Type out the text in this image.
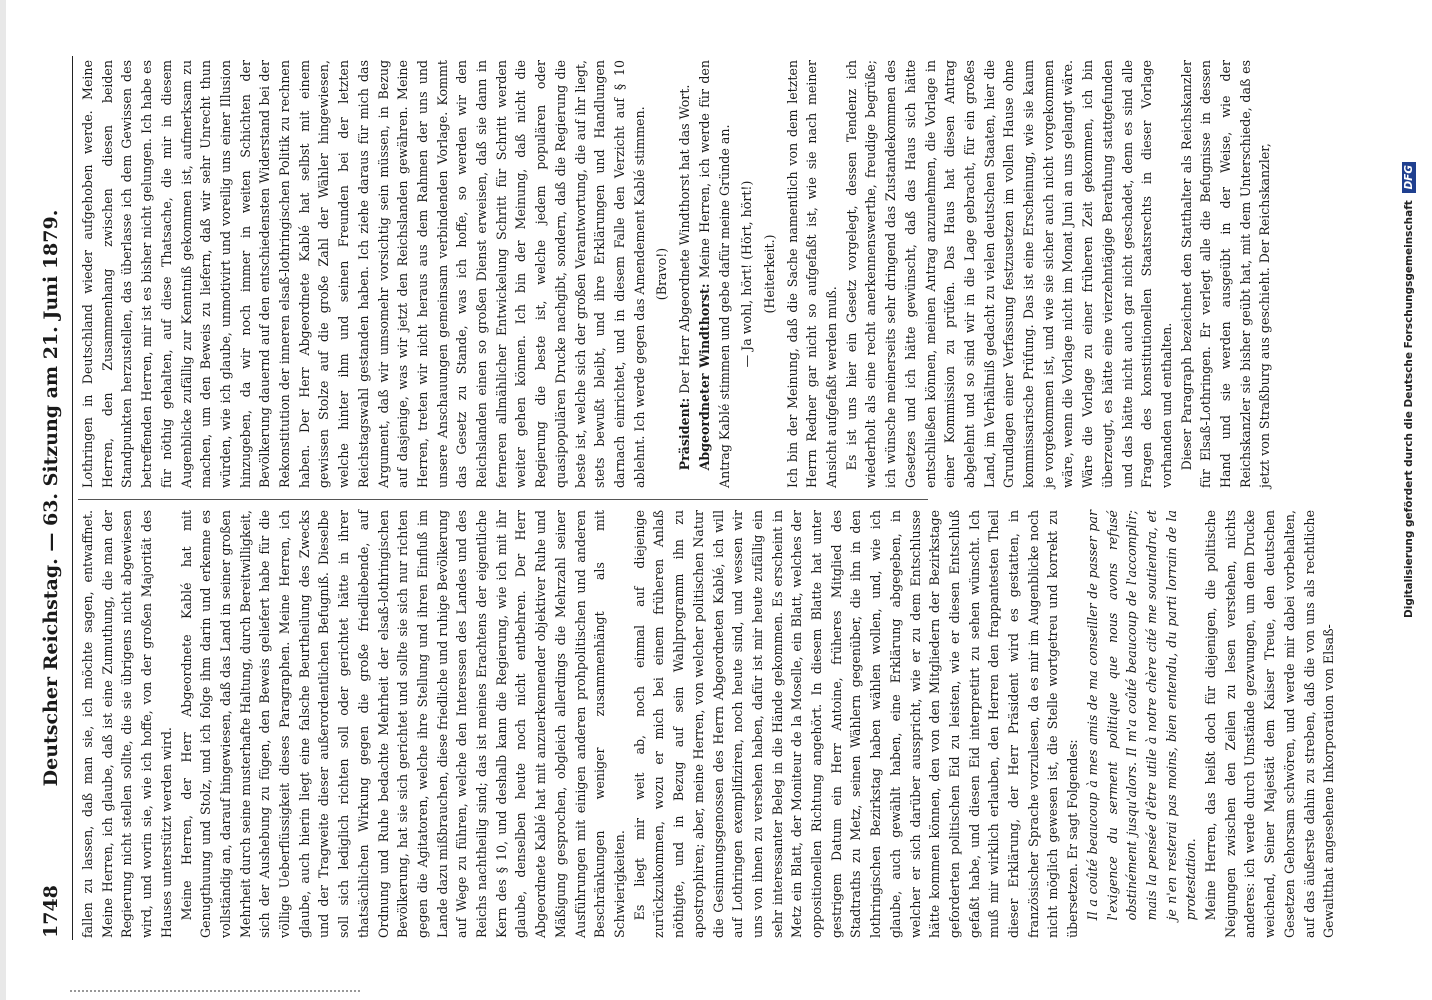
1748
Deutscher Reichstag. — 63. Sitzung am 21. Juni 1879. fallen zu lassen, daß man sie, ich möchte sagen, entwaffnet. Meine Herren, ich glaube, daß ist eine Zumuthung, die man der Regierung nicht stellen sollte, die sie übrigens nicht abgewiesen wird, und worin sie, wie ich hoffe, von der großen Majorität des Hauses unterstützt werden wird. Meine Herren, der Herr Abgeordnete Kablé hat mit Genugthuung und Stolz, und ich folge ihm darin und erkenne es vollständig an, darauf hingewiesen, daß das Land in seiner großen Mehrheit durch seine musterhafte Haltung, durch Bereitwilligkeit, sich der Aushebung zu fügen, den Beweis geliefert habe für die völlige Ueberflüssigkeit dieses Paragraphen. Meine Herren, ich glaube, auch hierin liegt eine falsche Beurtheilung des Zwecks und der Tragweite dieser außerordentlichen Befugniß. Dieselbe soll sich lediglich richten soll oder gerichtet hätte in ihrer thatsächlichen Wirkung gegen die große friedliebende, auf Ordnung und Ruhe bedachte Mehrheit der elsaß-lothringischen Bevölkerung, hat sie sich gerichtet und sollte sie sich nur richten gegen die Agitatoren, welche ihre Stellung und ihren Einfluß im Lande dazu mißbrauchen, diese friedliche und ruhige Bevölkerung auf Wege zu führen, welche den Interessen des Landes und des Reichs nachtheilig sind; das ist meines Erachtens der eigentliche Kern des § 10, und deshalb kann die Regierung, wie ich mit ihr glaube, denselben heute noch nicht entbehren. Der Herr Abgeordnete Kablé hat mit anzuerkennender objektiver Ruhe und Mäßigung gesprochen, obgleich allerdings die Mehrzahl seiner Ausführungen mit einigen anderen prohpolitischen und anderen Beschränkungen weniger zusammenhängt als mit Schwierigkeiten. Es liegt mir weit ab, noch einmal auf diejenige zurückzukommen, wozu er mich bei einem früheren Anlaß nöthigte, und in Bezug auf sein Wahlprogramm ihn zu apostrophiren; aber, meine Herren, von welcher politischen Natur die Gesinnungsgenossen des Herrn Abgeordneten Kablé, ich will auf Lothringen exemplifiziren, noch heute sind, und wessen wir uns von ihnen zu versehen haben, dafür ist mir heute zufällig ein sehr interessanter Beleg in die Hände gekommen. Es erscheint in Metz ein Blatt, der Moniteur de la Moselle, ein Blatt, welches der oppositionellen Richtung angehört. In diesem Blatte hat unter gestrigem Datum ein Herr Antoine, früheres Mitglied des Stadtraths zu Metz, seinen Wählern gegenüber, die ihn in den lothringischen Bezirkstag haben wählen wollen, und, wie ich glaube, auch gewählt haben, eine Erklärung abgegeben, in welcher er sich darüber ausspricht, wie er zu dem Entschlusse hätte kommen können, den von den Mitgliedern der Bezirkstage geforderten politischen Eid zu leisten, wie er diesen Entschluß gefaßt habe, und diesen Eid interpretirt zu sehen wünscht. Ich muß mir wirklich erlauben, den Herren den frappantesten Theil dieser Erklärung, der Herr Präsident wird es gestatten, in französischer Sprache vorzulesen, da es mir im Augenblicke noch nicht möglich gewesen ist, die Stelle wortgetreu und korrekt zu übersetzen. Er sagt Folgendes: Il a coûté beaucoup à mes amis de ma conseiller de passer par l'exigence du serment politique que nous avons refusé obstinément jusqu'alors. Il m'a coûté beaucoup de l'accomplir; mais la pensée d'être utile à notre chère cité me soutiendra, et je n'en resterai pas moins, bien entendu, du parti lorrain de la protestation. Meine Herren, das heißt doch für diejenigen, die politische Neigungen zwischen den Zeilen zu lesen verstehen, nichts anderes: ich werde durch Umstände gezwungen, um dem Drucke weichend, Seiner Majestät dem Kaiser Treue, den deutschen Gesetzen Gehorsam schwören, und werde mir dabei vorbehalten, auf das äußerste dahin zu streben, daß die von uns als rechtliche Gewaltthat angesehene Inkorporation von Elsaß-

Lothringen in Deutschland wieder aufgehoben werde. Meine Herren, den Zusammenhang zwischen diesen beiden Standpunkten herzustellen, das überlasse ich dem Gewissen des betreffenden Herren, mir ist es bisher nicht gelungen. Ich habe es für nöthig gehalten, auf diese Thatsache, die mir in diesem Augenblicke zufällig zur Kenntniß gekommen ist, aufmerksam zu machen, um den Beweis zu liefern, daß wir sehr Unrecht thun würden, wie ich glaube, unmotivirt und voreilig uns einer Illusion hinzugeben, da wir noch immer in weiten Schichten der Bevölkerung dauernd auf den entschiedensten Widerstand bei der Rekonstitution der inneren elsaß-lothringischen Politik zu rechnen haben. Der Herr Abgeordnete Kablé hat selbst mit einem gewissen Stolze auf die große Zahl der Wähler hingewiesen, welche hinter ihm und seinen Freunden bei der letzten Reichstagswahl gestanden haben. Ich ziehe daraus für mich das Argument, daß wir umsomehr vorsichtig sein müssen, in Bezug auf dasjenige, was wir jetzt den Reichslanden gewähren. Meine Herren, treten wir nicht heraus aus dem Rahmen der uns und unsere Anschauungen gemeinsam verbindenden Vorlage. Kommt das Gesetz zu Stande, was ich hoffe, so werden wir den Reichslanden einen so großen Dienst erweisen, daß sie dann in ferneren allmählicher Entwickelung Schritt für Schritt werden weiter gehen können. Ich bin der Meinung, daß nicht die Regierung die beste ist, welche jedem populären oder quasipopulären Drucke nachgibt, sondern, daß die Regierung die beste ist, welche sich der großen Verantwortung, die auf ihr liegt, stets bewußt bleibt, und ihre Erklärungen und Handlungen darnach einrichtet, und in diesem Falle den Verzicht auf § 10 ablehnt. Ich werde gegen das Amendement Kablé stimmen. (Bravo!)

Präsident: Der Herr Abgeordnete Windthorst hat das Wort. Abgeordneter Windthorst: Meine Herren, ich werde für den Antrag Kablé stimmen und gebe dafür meine Gründe an. — Ja wohl, hört! (Hört, hört!) (Heiterkeit.) Ich bin der Meinung, daß die Sache namentlich von dem letzten Herrn Redner gar nicht so aufgefaßt ist, wie sie nach meiner Ansicht aufgefaßt werden muß. Es ist uns hier ein Gesetz vorgelegt, dessen Tendenz ich wiederholt als eine recht anerkennenswerthe, freudige begrüße; ich wünsche meinerseits sehr dringend das Zustandekommen des Gesetzes und ich hätte gewünscht, daß das Haus sich hätte entschließen können, meinen Antrag anzunehmen, die Vorlage in einer Kommission zu prüfen. Das Haus hat diesen Antrag abgelehnt und so sind wir in die Lage gebracht, für ein großes Land, im Verhältniß gedacht zu vielen deutschen Staaten, hier die Grundlagen einer Verfassung festzusetzen im vollen Hause ohne kommissarische Prüfung. Das ist eine Erscheinung, wie sie kaum je vorgekommen ist, und wie sie sicher auch nicht vorgekommen wäre, wenn die Vorlage nicht im Monat Juni an uns gelangt wäre. Wäre die Vorlage zu einer früheren Zeit gekommen, ich bin überzeugt, es hätte eine vierzehntägige Berathung stattgefunden und das hätte nicht auch gar nicht geschadet, denn es sind alle Fragen des konstitutionellen Staatsrechts in dieser Vorlage vorhanden und enthalten. Dieser Paragraph bezeichnet den Statthalter als Reichskanzler für Elsaß-Lothringen. Er verlegt alle die Befugnisse in dessen Hand und sie werden ausgeübt in der Weise, wie der Reichskanzler sie bisher geübt hat, mit dem Unterschiede, daß es jetzt von Straßburg aus geschieht. Der Reichskanzler,	Digitalisierung gefördert durch die Deutsche Forschungsgemeinschaft DFG
